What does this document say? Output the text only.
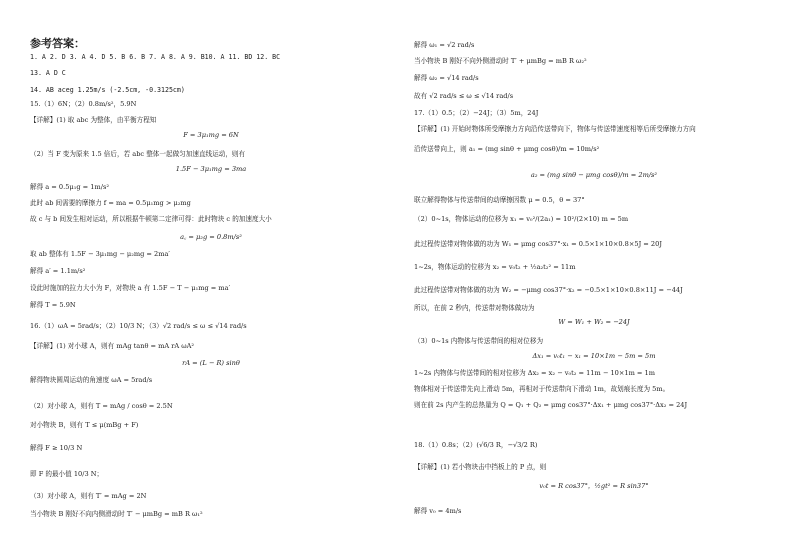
参考答案：
1. A 2. D 3. A 4. D 5. B 6. B 7. A 8. A 9. B10. A 11. BD 12. BC
13. A D C
14. AB aceg 1.25m/s (-2.5cm, -0.3125cm)
15.（1）6N；（2）0.8m/s²，5.9N
【详解】(1) 取 abc 为整体，由平衡方程知
F = 3μ₁mg = 6N
（2）当 F 变为原来 1.5 倍后，若 abc 整体一起做匀加速直线运动，则有
1.5F − 3μ₁mg = 3ma
解得 a = 0.5μ₁g = 1m/s²
此时 ab 间需要的摩擦力 f = ma = 0.5μ₁mg > μ₂mg
故 c 与 b 间发生相对运动，所以根据牛顿第二定律可得：此时物块 c 的加速度大小
a꜀ = μ₂g = 0.8m/s²
取 ab 整体有 1.5F − 3μ₁mg − μ₂mg = 2ma′
解得 a′ = 1.1m/s²
设此时施加的拉力大小为 F，对物块 a 有 1.5F − T − μ₁mg = ma′
解得 T = 5.9N
16.（1）ωA = 5rad/s；（2）10/3 N；（3）√2 rad/s ≤ ω ≤ √14 rad/s
【详解】(1) 对小球 A，则有 mAg tanθ = mA rA ωA²
rA = (L − R) sinθ
解得物块圆周运动的角速度 ωA = 5rad/s
（2）对小球 A，则有 T = mAg / cosθ = 2.5N
对小物块 B，则有 T ≤ μ(mBg + F)
解得 F ≥ 10/3 N
即 F 的最小值 10/3 N；
（3）对小球 A，则有 T′ = mAg = 2N
当小物块 B 刚好不向内侧滑动时 T′ − μmBg = mB R ω₁²
解得 ω₁ = √2 rad/s
当小物块 B 刚好不向外侧滑动时 T′ + μmBg = mB R ω₂²
解得 ω₂ = √14 rad/s
故有 √2 rad/s ≤ ω ≤ √14 rad/s
17.（1）0.5；（2）−24J；（3）5m，24J
【详解】(1) 开始时物体所受摩擦力方向沿传送带向下，物体与传送带速度相等后所受摩擦力方向
沿传送带向上，则 a₁ = (mg sinθ + μmg cosθ)/m = 10m/s²
a₂ = (mg sinθ − μmg cosθ)/m = 2m/s²
联立解得物体与传送带间的动摩擦因数 μ = 0.5，θ = 37°
（2）0~1s，物体运动的位移为 x₁ = v₀²/(2a₁) = 10²/(2×10) m = 5m
此过程传送带对物体做的功为 W₁ = μmg cos37°·x₁ = 0.5×1×10×0.8×5J = 20J
1~2s，物体运动的位移为 x₂ = v₀t₂ + ½a₂t₂² = 11m
此过程传送带对物体做的功为 W₂ = −μmg cos37°·x₂ = −0.5×1×10×0.8×11J = −44J
所以，在前 2 秒内，传送带对物体做功为
W = W₁ + W₂ = −24J
（3）0~1s 内物体与传送带间的相对位移为
Δx₁ = v₀t₁ − x₁ = 10×1m − 5m = 5m
1~2s 内物体与传送带间的相对位移为 Δx₂ = x₂ − v₀t₂ = 11m − 10×1m = 1m
物体相对于传送带先向上滑动 5m，再相对于传送带向下滑动 1m，故划痕长度为 5m。
则在前 2s 内产生的总热量为 Q = Q₁ + Q₂ = μmg cos37°·Δx₁ + μmg cos37°·Δx₂ = 24J
18.（1）0.8s；（2）(√6/3 R，−√3/2 R)
【详解】(1) 若小物块击中挡板上的 P 点，则
v₀t = R cos37°，½gt² = R sin37°
解得 v₀ = 4m/s
